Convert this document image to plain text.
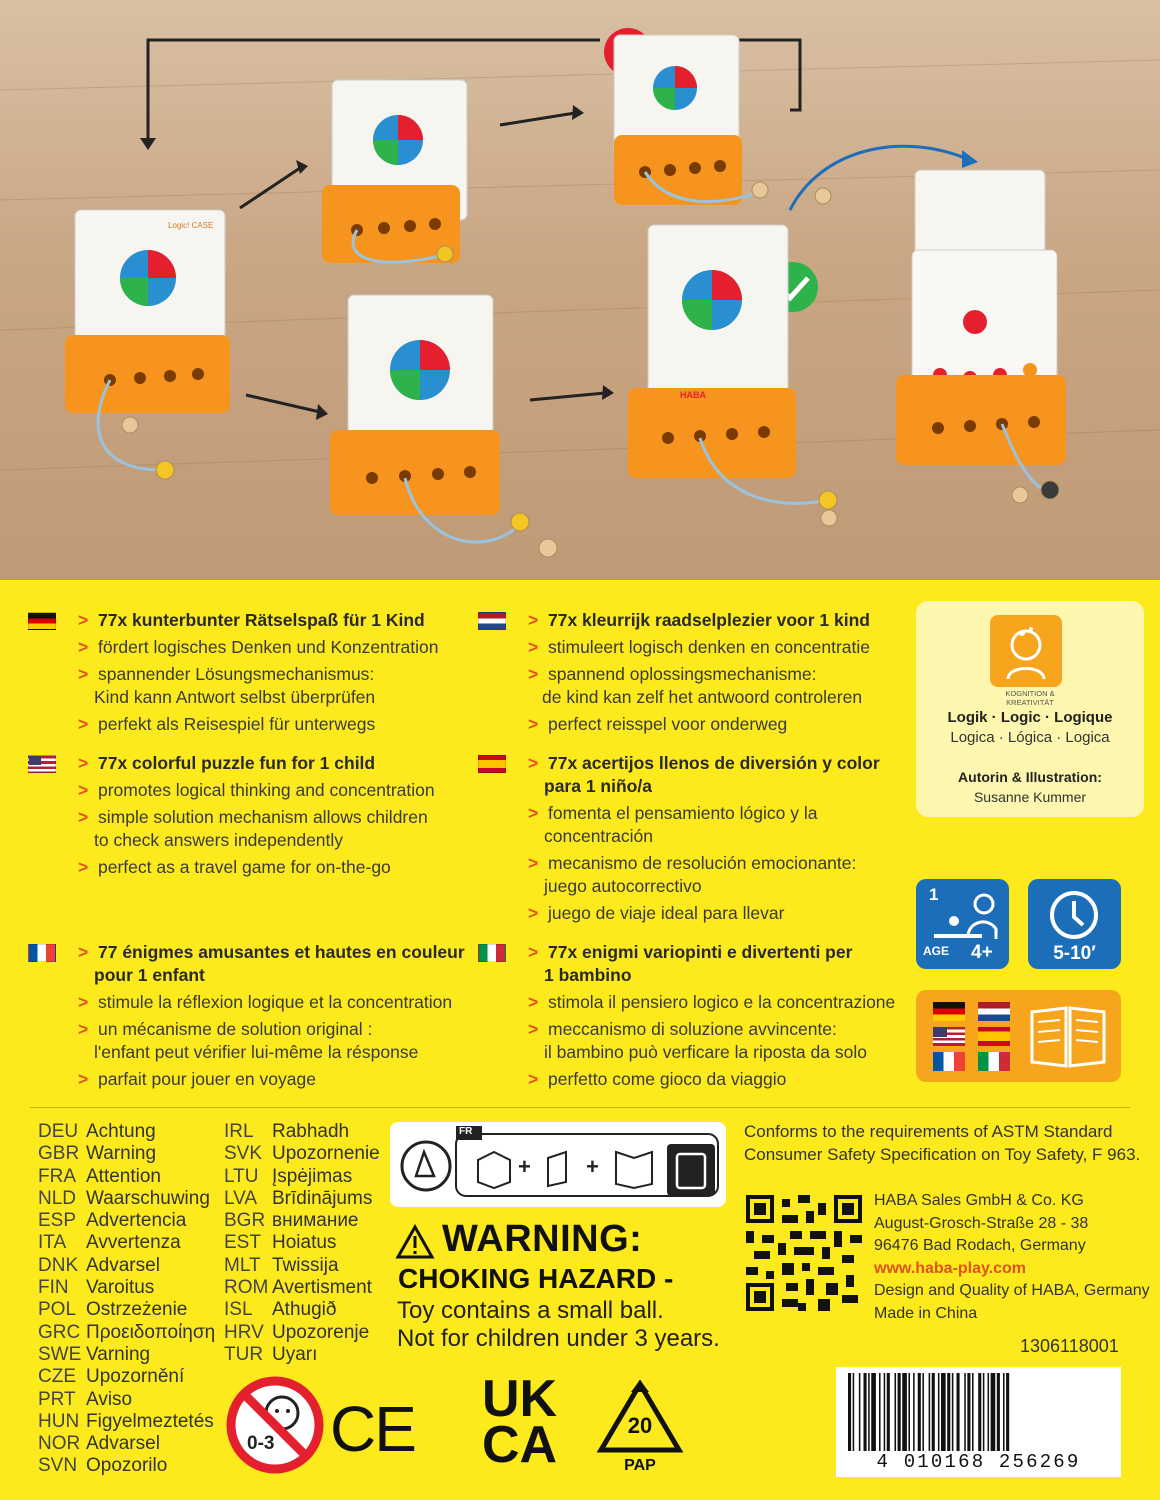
Logic! CASE
HABA
> 77x kunterbunter Rätselspaß für 1 Kind
> fördert logisches Denken und Konzentration
> spannender Lösungsmechanismus:
Kind kann Antwort selbst überprüfen
> perfekt als Reisespiel für unterwegs
> 77x kleurrijk raadselplezier voor 1 kind
> stimuleert logisch denken en concentratie
> spannend oplossingsmechanisme:
de kind kan zelf het antwoord controleren
> perfect reisspel voor onderweg
> 77x colorful puzzle fun for 1 child
> promotes logical thinking and concentration
> simple solution mechanism allows children
to check answers independently
> perfect as a travel game for on-the-go
> 77x acertijos llenos de diversión y color
para 1 niño/a
> fomenta el pensamiento lógico y la
concentración
> mecanismo de resolución emocionante:
juego autocorrectivo
> juego de viaje ideal para llevar
> 77 énigmes amusantes et hautes en couleur
pour 1 enfant
> stimule la réflexion logique et la concentration
> un mécanisme de solution original :
l'enfant peut vérifier lui-même la résponse
> parfait pour jouer en voyage
> 77x enigmi variopinti e divertenti per
1 bambino
> stimola il pensiero logico e la concentrazione
> meccanismo di soluzione avvincente:
il bambino può verficare la riposta da solo
> perfetto come gioco da viaggio
KOGNITION & KREATIVITÄT
Logik · Logic · Logique
Logica · Lógica · Logica
Autorin & Illustration:
Susanne Kummer
1
AGE 4+	5-10′
DEU Achtung
GBR Warning
FRA Attention
NLD Waarschuwing
ESP Advertencia
ITA Avvertenza
DNK Advarsel
FIN Varoitus
POL Ostrzeżenie
GRC Προειδοποίηση
SWE Varning
CZE Upozornění
PRT Aviso
HUN Figyelmeztetés
NOR Advarsel
SVN Opozorilo
IRL Rabhadh
SVK Upozornenie
LTU Įspėjimas
LVA Brīdinājums
BGR внимание
EST Hoiatus
MLT Twissija
ROM Avertisment
ISL Athugið
HRV Upozorenje
TUR Uyarı
+	+
FR
WARNING:
CHOKING HAZARD -
Toy contains a small ball.
Not for children under 3 years.
Conforms to the requirements of ASTM Standard
Consumer Safety Specification on Toy Safety, F 963.
HABA Sales GmbH & Co. KG
August-Grosch-Straße 28 - 38
96476 Bad Rodach, Germany
www.haba-play.com
Design and Quality of HABA, Germany
Made in China
1306118001
4 010168 256269
0-3 CE UK
CA	20
PAP
